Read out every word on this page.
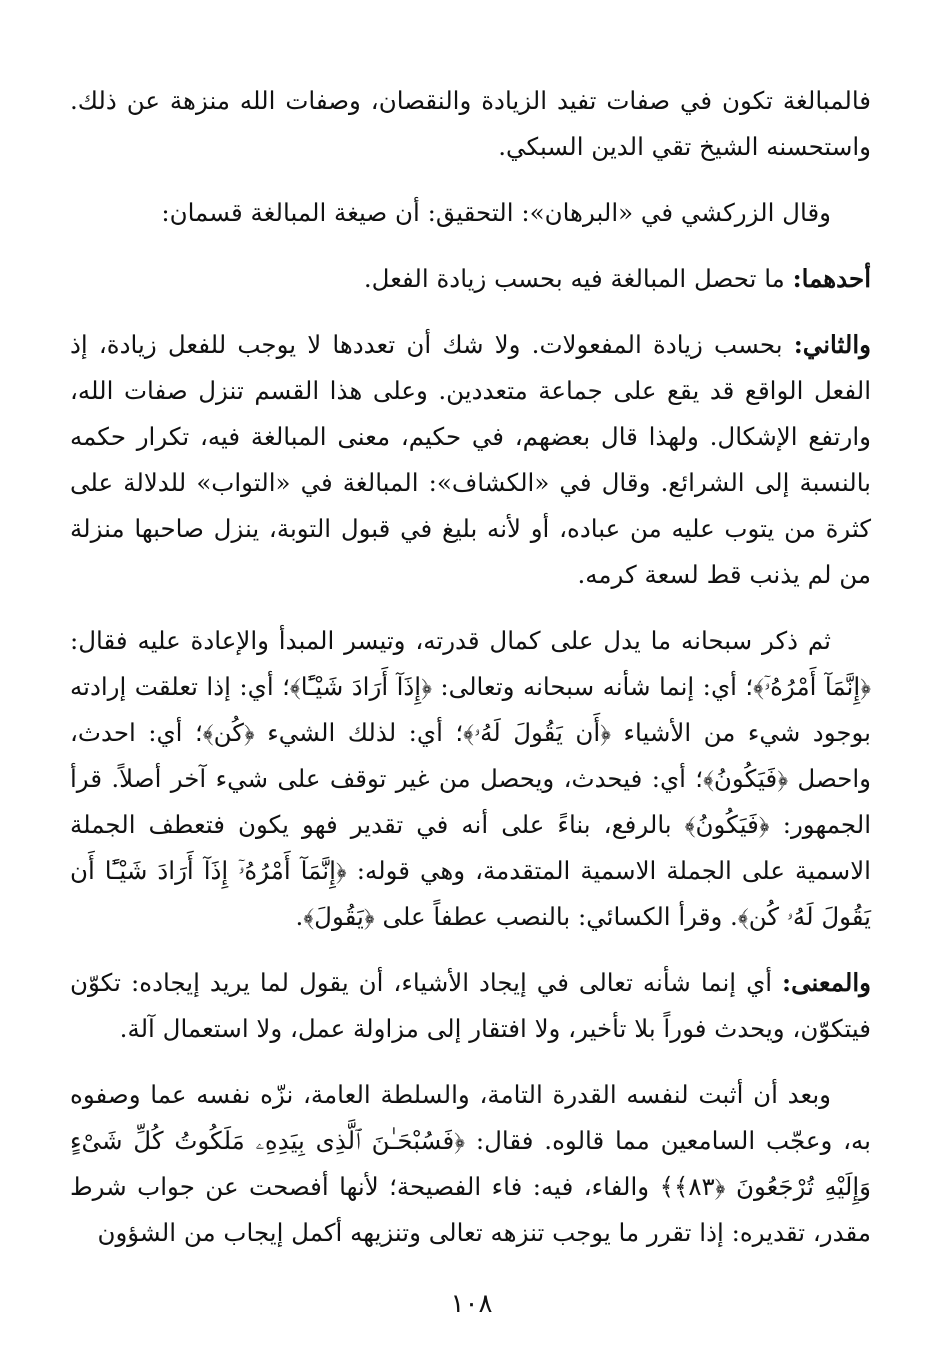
فالمبالغة تكون في صفات تفيد الزيادة والنقصان، وصفات الله منزهة عن ذلك. واستحسنه الشيخ تقي الدين السبكي.

وقال الزركشي في «البرهان»: التحقيق: أن صيغة المبالغة قسمان:

أحدهما: ما تحصل المبالغة فيه بحسب زيادة الفعل.

والثاني: بحسب زيادة المفعولات. ولا شك أن تعددها لا يوجب للفعل زيادة، إذ الفعل الواقع قد يقع على جماعة متعددين. وعلى هذا القسم تنزل صفات الله، وارتفع الإشكال. ولهذا قال بعضهم، في حكيم، معنى المبالغة فيه، تكرار حكمه بالنسبة إلى الشرائع. وقال في «الكشاف»: المبالغة في «التواب» للدلالة على كثرة من يتوب عليه من عباده، أو لأنه بليغ في قبول التوبة، ينزل صاحبها منزلة من لم يذنب قط لسعة كرمه.

ثم ذكر سبحانه ما يدل على كمال قدرته، وتيسر المبدأ والإعادة عليه فقال: ﴿إِنَّمَآ أَمْرُهُۥٓ﴾؛ أي: إنما شأنه سبحانه وتعالى: ﴿إِذَآ أَرَادَ شَيْـًٔا﴾؛ أي: إذا تعلقت إرادته بوجود شيء من الأشياء ﴿أَن يَقُولَ لَهُۥ﴾؛ أي: لذلك الشيء ﴿كُن﴾؛ أي: احدث، واحصل ﴿فَيَكُونُ﴾؛ أي: فيحدث، ويحصل من غير توقف على شيء آخر أصلاً. قرأ الجمهور: ﴿فَيَكُونُ﴾ بالرفع، بناءً على أنه في تقدير فهو يكون فتعطف الجملة الاسمية على الجملة الاسمية المتقدمة، وهي قوله: ﴿إِنَّمَآ أَمْرُهُۥٓ إِذَآ أَرَادَ شَيْـًٔا أَن يَقُولَ لَهُۥ كُن﴾. وقرأ الكسائي: بالنصب عطفاً على ﴿يَقُولَ﴾.

والمعنى: أي إنما شأنه تعالى في إيجاد الأشياء، أن يقول لما يريد إيجاده: تكوّن فيتكوّن، ويحدث فوراً بلا تأخير، ولا افتقار إلى مزاولة عمل، ولا استعمال آلة.

وبعد أن أثبت لنفسه القدرة التامة، والسلطة العامة، نزّه نفسه عما وصفوه به، وعجّب السامعين مما قالوه. فقال: ﴿فَسُبْحَـٰنَ ٱلَّذِى بِيَدِهِۦ مَلَكُوتُ كُلِّ شَىْءٍ وَإِلَيْهِ تُرْجَعُونَ ﴿٨٣﴾﴾ والفاء، فيه: فاء الفصيحة؛ لأنها أفصحت عن جواب شرط مقدر، تقديره: إذا تقرر ما يوجب تنزهه تعالى وتنزيهه أكمل إيجاب من الشؤون

١٠٨
